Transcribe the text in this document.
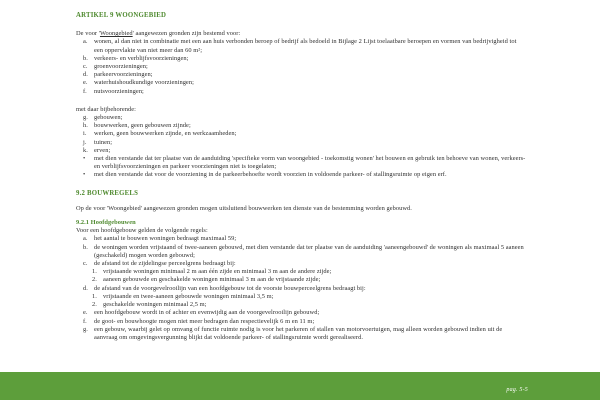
ARTIKEL 9 WOONGEBIED

De voor 'Woongebied' aangewezen gronden zijn bestemd voor:

a.	wonen, al dan niet in combinatie met een aan huis verbonden beroep of bedrijf als bedoeld in Bijlage 2 Lijst toelaatbare beroepen en vormen van bedrijvigheid tot een oppervlakte van niet meer dan 60 m²;
b. verkeers- en verblijfsvoorzieningen;
c.	groenvoorzieningen;
d. parkeervoorzieningen;
e.	waterhuishoudkundige voorzieningen;
f.	nutsvoorzieningen;

met daar bijbehorende:

g. gebouwen;
h. bouwwerken, geen gebouwen zijnde;
i.	werken, geen bouwwerken zijnde, en werkzaamheden;
j.	tuinen;
k. erven;
•	met dien verstande dat ter plaatse van de aanduiding 'specifieke vorm van woongebied - toekomstig wonen' het bouwen en gebruik ten behoeve van wonen, verkeers- en verblijfsvoorzieningen en parkeer voorzieningen niet is toegelaten;
•	met dien verstande dat voor de voorziening in de parkeerbehoefte wordt voorzien in voldoende parkeer- of stallingsruimte op eigen erf.
9.2 BOUWREGELS

Op de voor 'Woongebied' aangewezen gronden mogen uitsluitend bouwwerken ten dienste van de bestemming worden gebouwd.

9.2.1 Hoofdgebouwen

Voor een hoofdgebouw gelden de volgende regels:

a.	het aantal te bouwen woningen bedraagt maximaal 59;
b. de woningen worden vrijstaand of twee-aaneen gebouwd, met dien verstande dat ter plaatse van de aanduiding 'aaneengebouwd' de woningen als maximaal 5 aaneen (geschakeld) mogen worden gebouwd;
c.	de afstand tot de zijdelingse perceelgrens bedraagt bij:
1. vrijstaande woningen minimaal 2 m aan één zijde en minimaal 3 m aan de andere zijde;
2. aaneen gebouwde en geschakelde woningen minimaal 3 m aan de vrijstaande zijde;
d. de afstand van de voorgevelrooilijn van een hoofdgebouw tot de voorste bouwperceelgrens bedraagt bij:
1. vrijstaande en twee-aaneen gebouwde woningen minimaal 3,5 m;
2. geschakelde woningen minimaal 2,5 m;
e.	een hoofdgebouw wordt in of achter en evenwijdig aan de voorgevelrooilijn gebouwd;
f.	de goot- en bouwhoogte mogen niet meer bedragen dan respectievelijk 6 m en 11 m;
g. een gebouw, waarbij gelet op omvang of functie ruimte nodig is voor het parkeren of stallen van motorvoertuigen, mag alleen worden gebouwd indien uit de aanvraag om omgevingsvergunning blijkt dat voldoende parkeer- of stallingsruimte wordt gerealiseerd.
pag. 5-5
